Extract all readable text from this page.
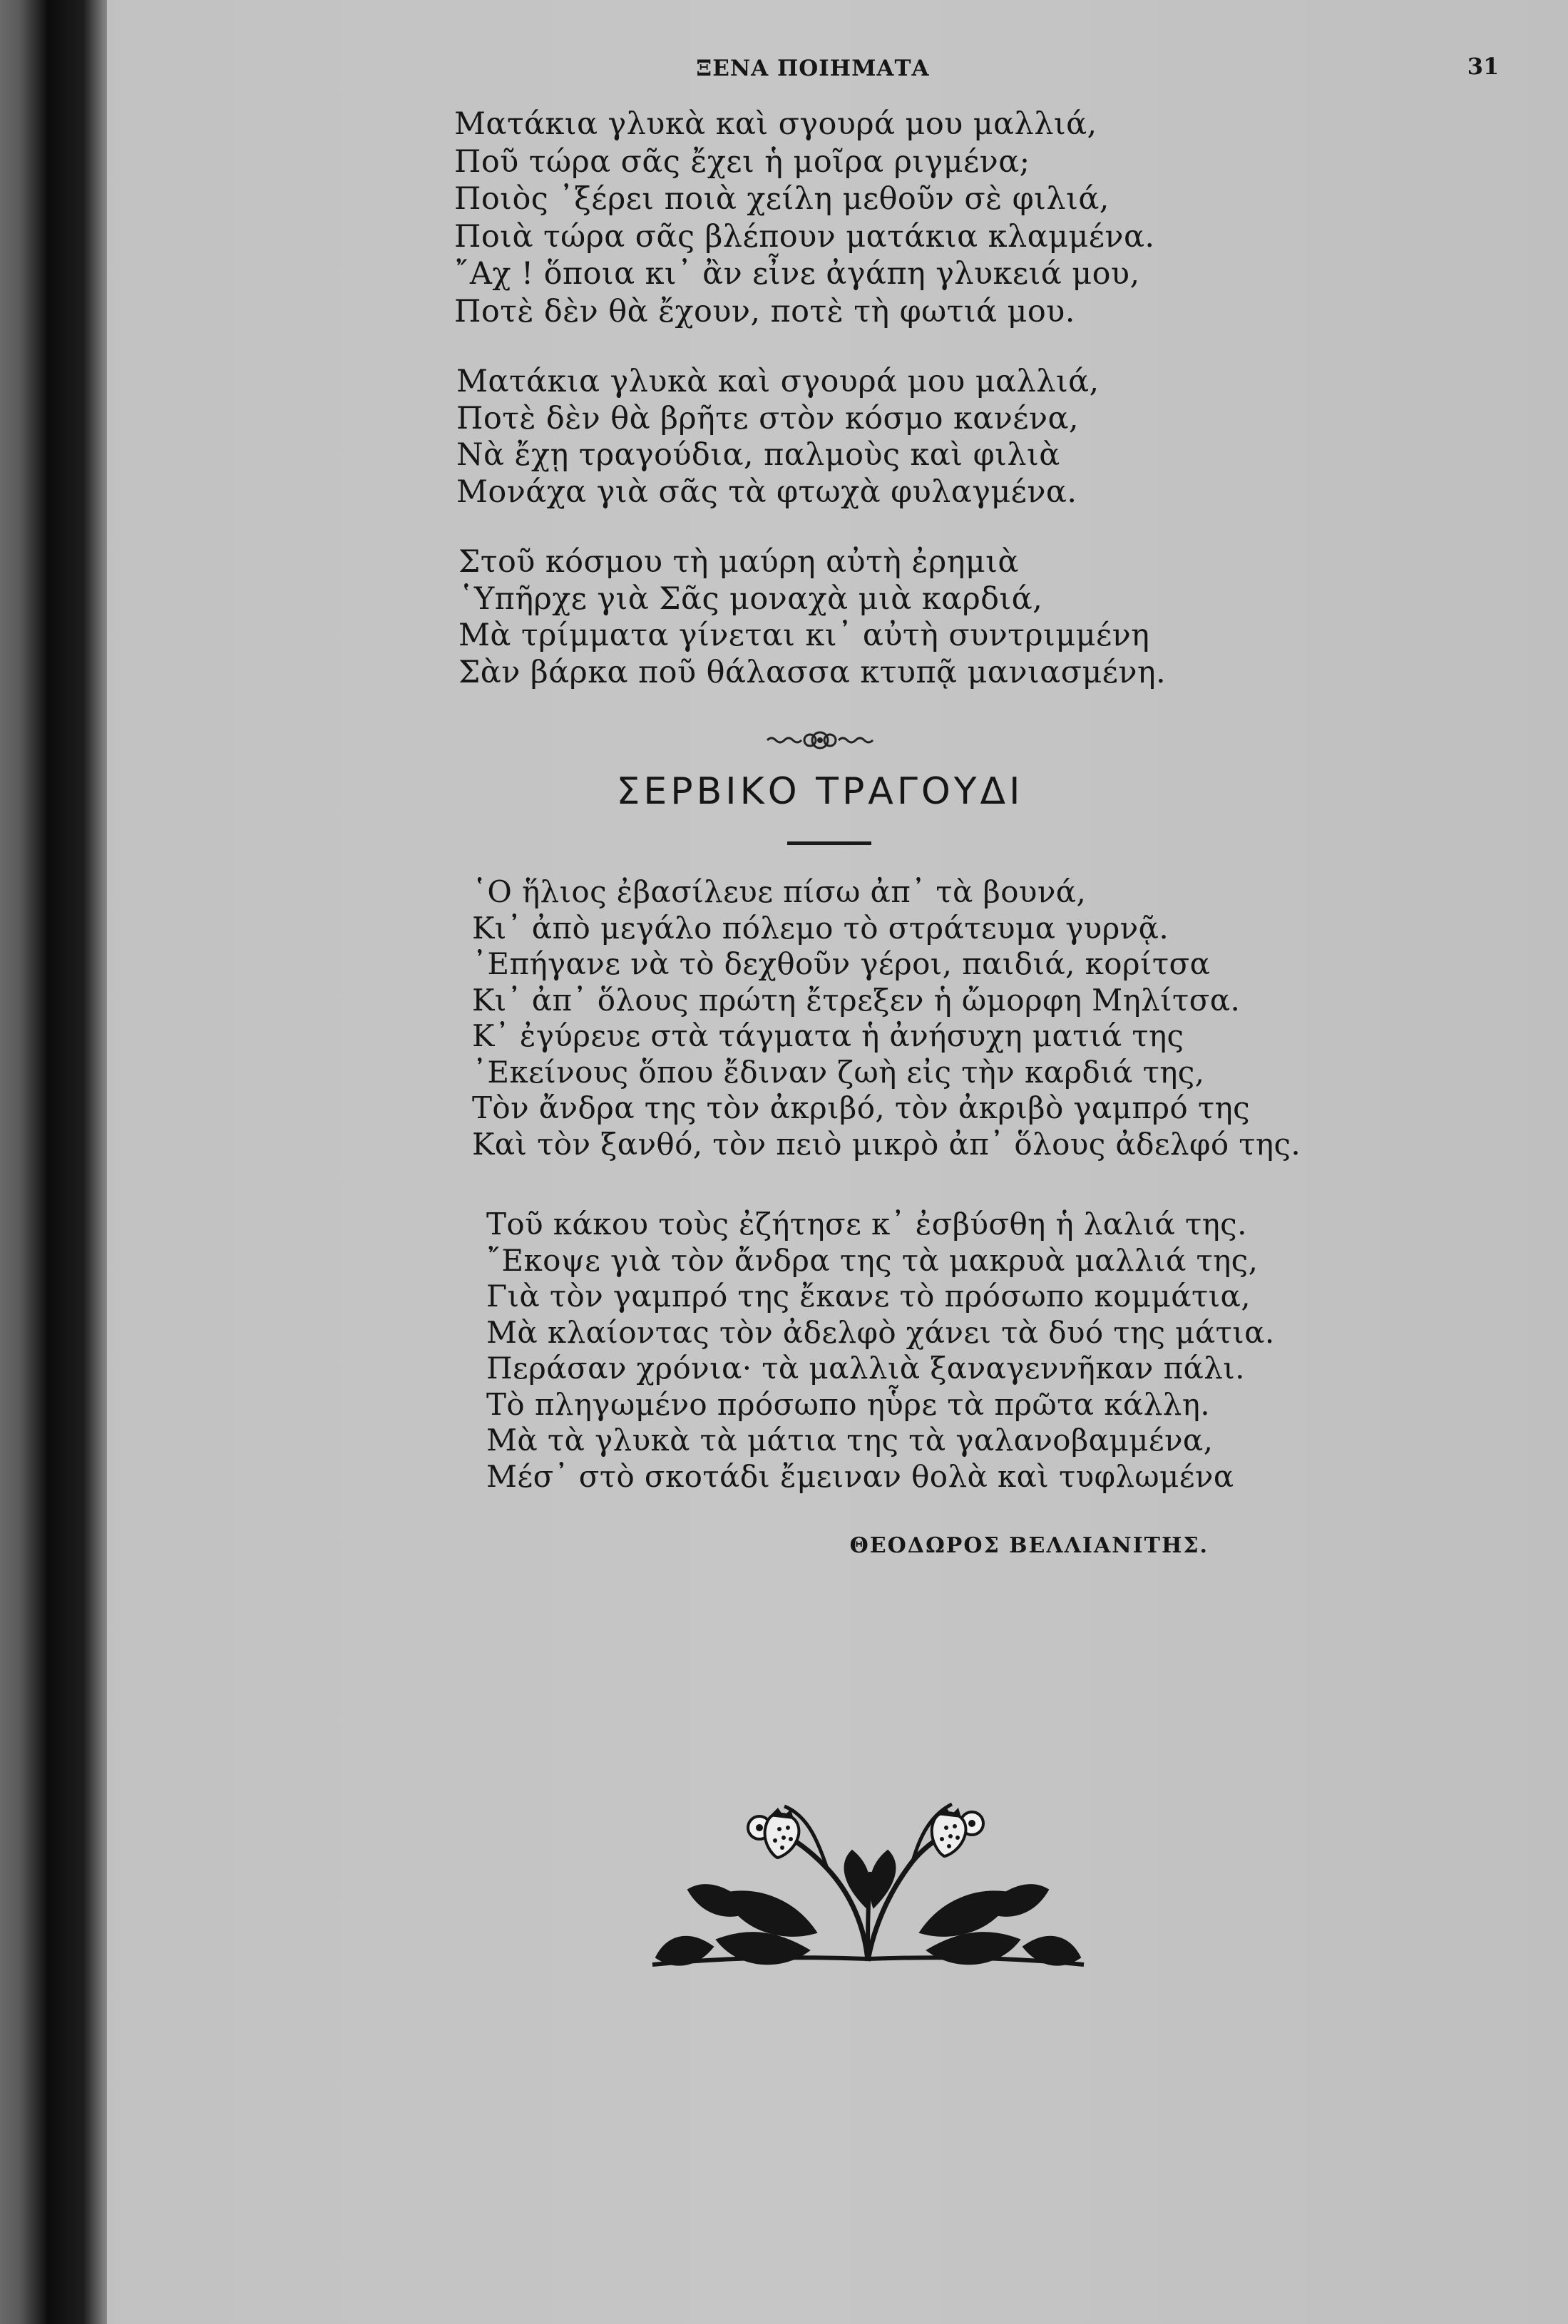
ΞΕΝΑ ΠΟΙΗΜΑΤΑ	31
Ματάκια γλυκὰ καὶ σγουρά μου μαλλιά,
Ποῦ τώρα σᾶς ἔχει ἡ μοῖρα ριγμένα;
Ποιὸς ᾿ξέρει ποιὰ χείλη μεθοῦν σὲ φιλιά,
Ποιὰ τώρα σᾶς βλέπουν ματάκια κλαμμένα.
῎Αχ ! ὅποια κι᾿ ἂν εἶνε ἀγάπη γλυκειά μου,
Ποτὲ δὲν θὰ ἔχουν, ποτὲ τὴ φωτιά μου.
Ματάκια γλυκὰ καὶ σγουρά μου μαλλιά,
Ποτὲ δὲν θὰ βρῆτε στὸν κόσμο κανένα,
Νὰ ἔχῃ τραγούδια, παλμοὺς καὶ φιλιὰ
Μονάχα γιὰ σᾶς τὰ φτωχὰ φυλαγμένα.
Στοῦ κόσμου τὴ μαύρη αὐτὴ ἐρημιὰ
῾Υπῆρχε γιὰ Σᾶς μοναχὰ μιὰ καρδιά,
Μὰ τρίμματα γίνεται κι᾿ αὐτὴ συντριμμένη
Σὰν βάρκα ποῦ θάλασσα κτυπᾷ μανιασμένη.
ΣΕΡΒΙΚΟ ΤΡΑΓΟΥΔΙ
῾Ο ἥλιος ἐβασίλευε πίσω ἀπ᾿ τὰ βουνά,
Κι᾿ ἀπὸ μεγάλο πόλεμο τὸ στράτευμα γυρνᾷ.
᾿Επήγανε νὰ τὸ δεχθοῦν γέροι, παιδιά, κορίτσα
Κι᾿ ἀπ᾿ ὅλους πρώτη ἔτρεξεν ἡ ὤμορφη Μηλίτσα.
Κ᾿ ἐγύρευε στὰ τάγματα ἡ ἀνήσυχη ματιά της
᾿Εκείνους ὅπου ἔδιναν ζωὴ εἰς τὴν καρδιά της,
Τὸν ἄνδρα της τὸν ἀκριβό, τὸν ἀκριβὸ γαμπρό της
Καὶ τὸν ξανθό, τὸν πειὸ μικρὸ ἀπ᾿ ὅλους ἀδελφό της.
Τοῦ κάκου τοὺς ἐζήτησε κ᾿ ἐσβύσθη ἡ λαλιά της.
῎Εκοψε γιὰ τὸν ἄνδρα της τὰ μακρυὰ μαλλιά της,
Γιὰ τὸν γαμπρό της ἔκανε τὸ πρόσωπο κομμάτια,
Μὰ κλαίοντας τὸν ἀδελφὸ χάνει τὰ δυό της μάτια.
Περάσαν χρόνια· τὰ μαλλιὰ ξαναγεννῆκαν πάλι.
Τὸ πληγωμένο πρόσωπο ηὗρε τὰ πρῶτα κάλλη.
Μὰ τὰ γλυκὰ τὰ μάτια της τὰ γαλανοβαμμένα,
Μέσ᾿ στὸ σκοτάδι ἔμειναν θολὰ καὶ τυφλωμένα
ΘΕΟΔΩΡΟΣ ΒΕΛΛΙΑΝΙΤΗΣ.
